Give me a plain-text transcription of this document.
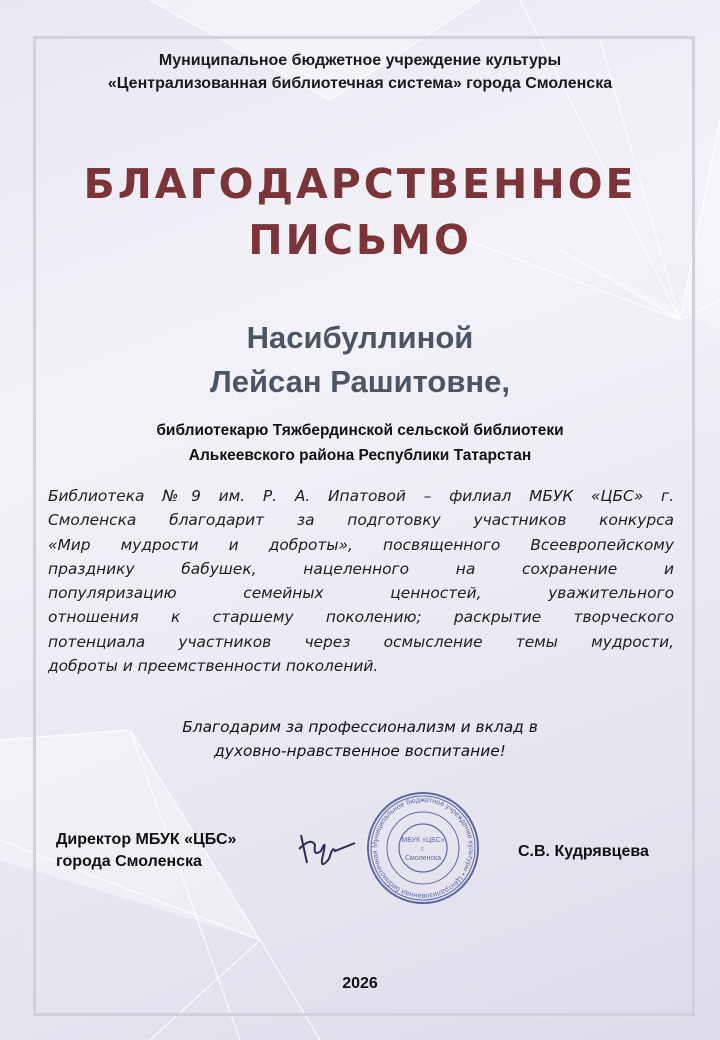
Муниципальное бюджетное учреждение культуры
«Централизованная библиотечная система» города Смоленска
БЛАГОДАРСТВЕННОЕ
ПИСЬМО
Насибуллиной
Лейсан Рашитовне,
библиотекарю Тяжбердинской сельской библиотеки
Алькеевского района Республики Татарстан
Библиотека №9 им. Р. А. Ипатовой – филиал МБУК «ЦБС» г.
Смоленска благодарит за подготовку участников конкурса
«Мир мудрости и доброты», посвященного Всеевропейскому
празднику бабушек, нацеленного на сохранение и
популяризацию семейных ценностей, уважительного
отношения к старшему поколению; раскрытие творческого
потенциала участников через осмысление темы мудрости,
доброты и преемственности поколений.
Благодарим за профессионализм и вклад в
духовно-нравственное воспитание!
Директор МБУК «ЦБС»
города Смоленска
Муниципальное бюджетное учреждение культуры • Централизованная библиотечная
МБУК «ЦБС»
г.
Смоленска	С.В. Кудрявцева
2026
